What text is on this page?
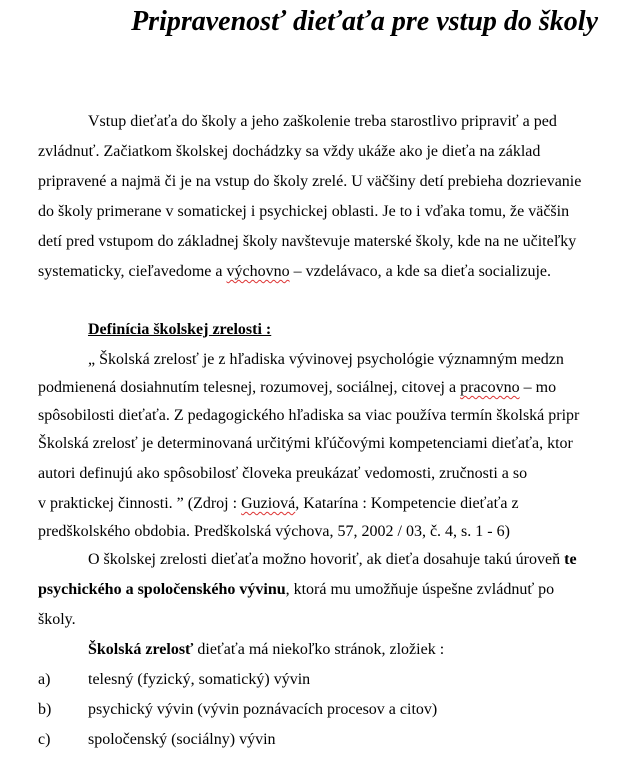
Pripravenosť dieťaťa pre vstup do školy
Vstup dieťaťa do školy a jeho zaškolenie treba starostlivo pripraviť a ped
zvládnuť. Začiatkom školskej dochádzky sa vždy ukáže ako je dieťa na základ
pripravené a najmä či je na vstup do školy zrelé. U väčšiny detí prebieha dozrievanie
do školy primerane v somatickej i psychickej oblasti. Je to i vďaka tomu, že väčšin
detí pred vstupom do základnej školy navštevuje materské školy, kde na ne učiteľky
systematicky, cieľavedome a výchovno – vzdelávaco, a kde sa dieťa socializuje.
Definícia školskej zrelosti :
„ Školská zrelosť je z hľadiska vývinovej psychológie významným medzn
podmienená dosiahnutím telesnej, rozumovej, sociálnej, citovej a pracovno – mo
spôsobilosti dieťaťa. Z pedagogického hľadiska sa viac používa termín školská pripr
Školská zrelosť je determinovaná určitými kľúčovými kompetenciami dieťaťa, ktor
autori definujú ako spôsobilosť človeka preukázať vedomosti, zručnosti a so
v praktickej činnosti. ” (Zdroj : Guziová, Katarína : Kompetencie dieťaťa z
predškolského obdobia. Predškolská výchova, 57, 2002 / 03, č. 4, s. 1 - 6)
O školskej zrelosti dieťaťa možno hovoriť, ak dieťa dosahuje takú úroveň te
psychického a spoločenského vývinu, ktorá mu umožňuje úspešne zvládnuť po
školy.
Školská zrelosť dieťaťa má niekoľko stránok, zložiek :
a) telesný (fyzický, somatický) vývin
b) psychický vývin (vývin poznávacích procesov a citov)
c) spoločenský (sociálny) vývin
